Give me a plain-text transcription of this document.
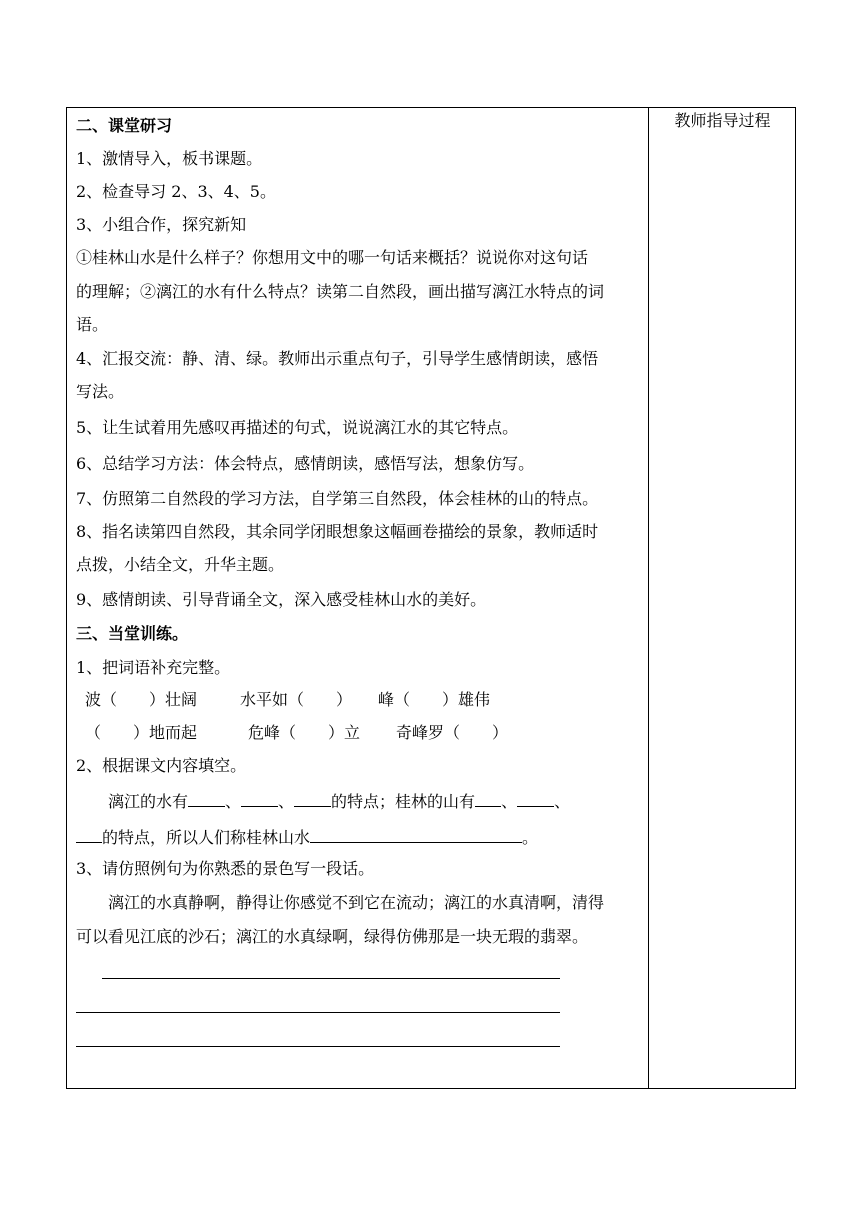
教师指导过程
二、课堂研习
1、激情导入，板书课题。
2、检查导习 2、3、4、5。
3、小组合作，探究新知
①桂林山水是什么样子？你想用文中的哪一句话来概括？说说你对这句话
的理解；②漓江的水有什么特点？读第二自然段，画出描写漓江水特点的词
语。
4、汇报交流：静、清、绿。教师出示重点句子，引导学生感情朗读，感悟
写法。
5、让生试着用先感叹再描述的句式，说说漓江水的其它特点。
6、总结学习方法：体会特点，感情朗读，感悟写法，想象仿写。
7、仿照第二自然段的学习方法，自学第三自然段，体会桂林的山的特点。
8、指名读第四自然段，其余同学闭眼想象这幅画卷描绘的景象，教师适时
点拨，小结全文，升华主题。
9、感情朗读、引导背诵全文，深入感受桂林山水的美好。
三、当堂训练。
1、把词语补充完整。
波（　　）壮阔	水平如（　　） 峰（　　）雄伟
（　　）地而起	危峰（　　）立 奇峰罗（　　）
2、根据课文内容填空。
漓江的水有 、 、 的特点；桂林的山有 、 、
的特点，所以人们称桂林山水	。
3、请仿照例句为你熟悉的景色写一段话。
漓江的水真静啊，静得让你感觉不到它在流动；漓江的水真清啊，清得
可以看见江底的沙石；漓江的水真绿啊，绿得仿佛那是一块无瑕的翡翠。
